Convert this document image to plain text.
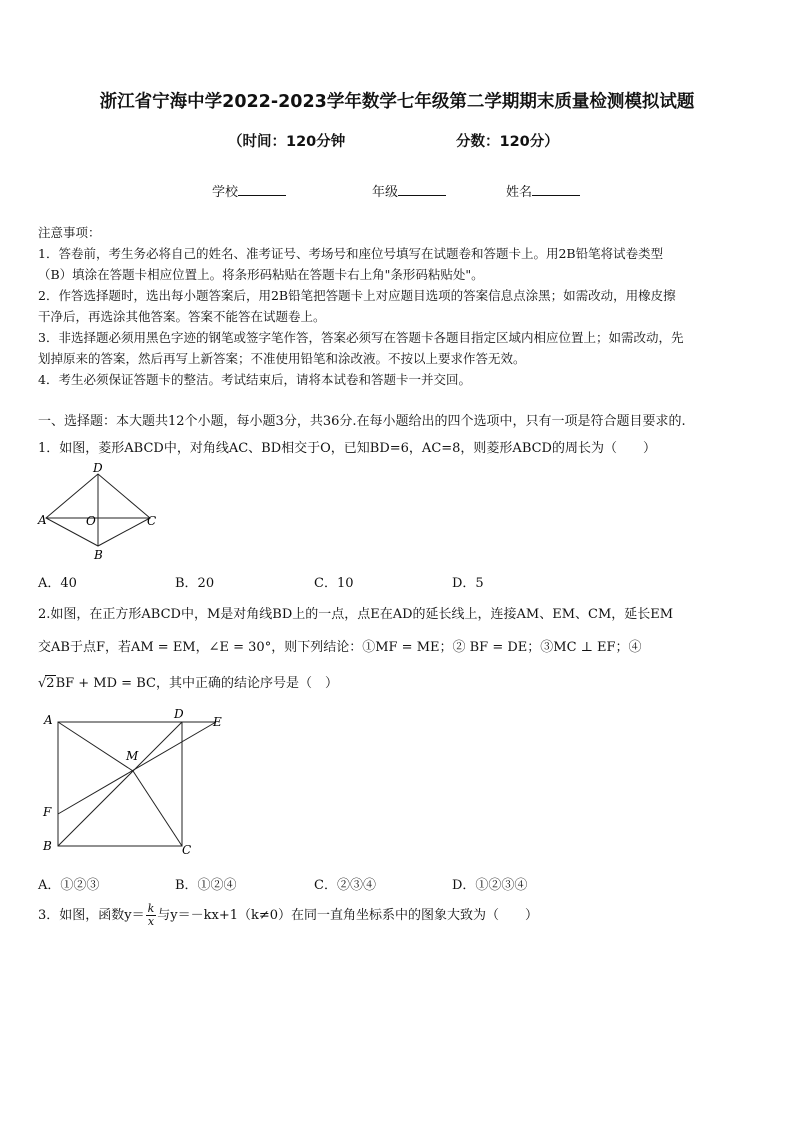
浙江省宁海中学2022-2023学年数学七年级第二学期期末质量检测模拟试题
（时间：120分钟	分数：120分）
学校	年级	姓名

注意事项：

1．答卷前，考生务必将自己的姓名、准考证号、考场号和座位号填写在试题卷和答题卡上。用2B铅笔将试卷类型

（B）填涂在答题卡相应位置上。将条形码粘贴在答题卡右上角"条形码粘贴处"。

2．作答选择题时，选出每小题答案后，用2B铅笔把答题卡上对应题目选项的答案信息点涂黑；如需改动，用橡皮擦

干净后，再选涂其他答案。答案不能答在试题卷上。

3．非选择题必须用黑色字迹的钢笔或签字笔作答，答案必须写在答题卡各题目指定区域内相应位置上；如需改动，先

划掉原来的答案，然后再写上新答案；不准使用铅笔和涂改液。不按以上要求作答无效。

4．考生必须保证答题卡的整洁。考试结束后，请将本试卷和答题卡一并交回。

一、选择题：本大题共12个小题，每小题3分，共36分.在每小题给出的四个选项中，只有一项是符合题目要求的.
1．如图，菱形ABCD中，对角线AC、BD相交于O，已知BD=6，AC=8，则菱形ABCD的周长为（　　）
D
A	O	C
B
A．40	B．20	C．10	D．5
2.如图，在正方形ABCD中，M是对角线BD上的一点，点E在AD的延长线上，连接AM、EM、CM，延长EM
交AB于点F，若AM = EM，∠E = 30°，则下列结论：①MF = ME；② BF = DE；③MC ⊥ EF；④
√2BF + MD = BC，其中正确的结论序号是（　）
A	D
E
M
F
B	C
A．①②③	B．①②④	C．②③④	D．①②③④
3．如图，函数$y= \frac{k}{x}$ 与y＝－kx+1（k≠0）在同一直角坐标系中的图象大致为（　　）
